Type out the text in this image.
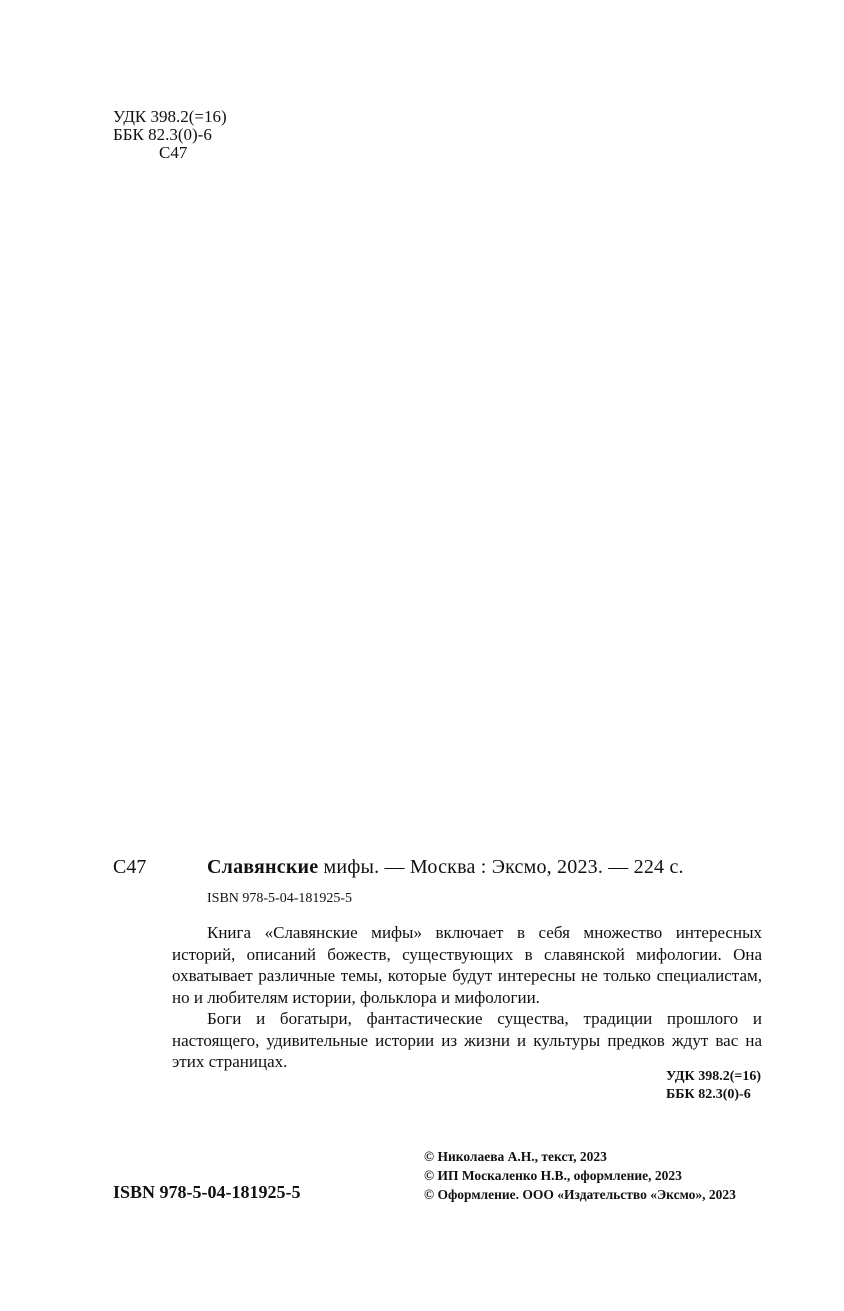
УДК 398.2(=16)
ББК 82.3(0)-6
С47
С47	Славянские мифы. — Москва : Эксмо, 2023. — 224 с.
ISBN 978-5-04-181925-5

Книга «Славянские мифы» включает в себя множество интересных историй, описаний божеств, существующих в славянской мифологии. Она охватывает различные темы, которые будут интересны не только специалистам, но и любителям истории, фольклора и мифологии.

Боги и богатыри, фантастические существа, традиции прошлого и настоящего, удивительные истории из жизни и культуры предков ждут вас на этих страницах.

УДК 398.2(=16)
ББК 82.3(0)-6
© Николаева А.Н., текст, 2023
© ИП Москаленко Н.В., оформление, 2023
© Оформление. ООО «Издательство «Эксмо», 2023
ISBN 978-5-04-181925-5
